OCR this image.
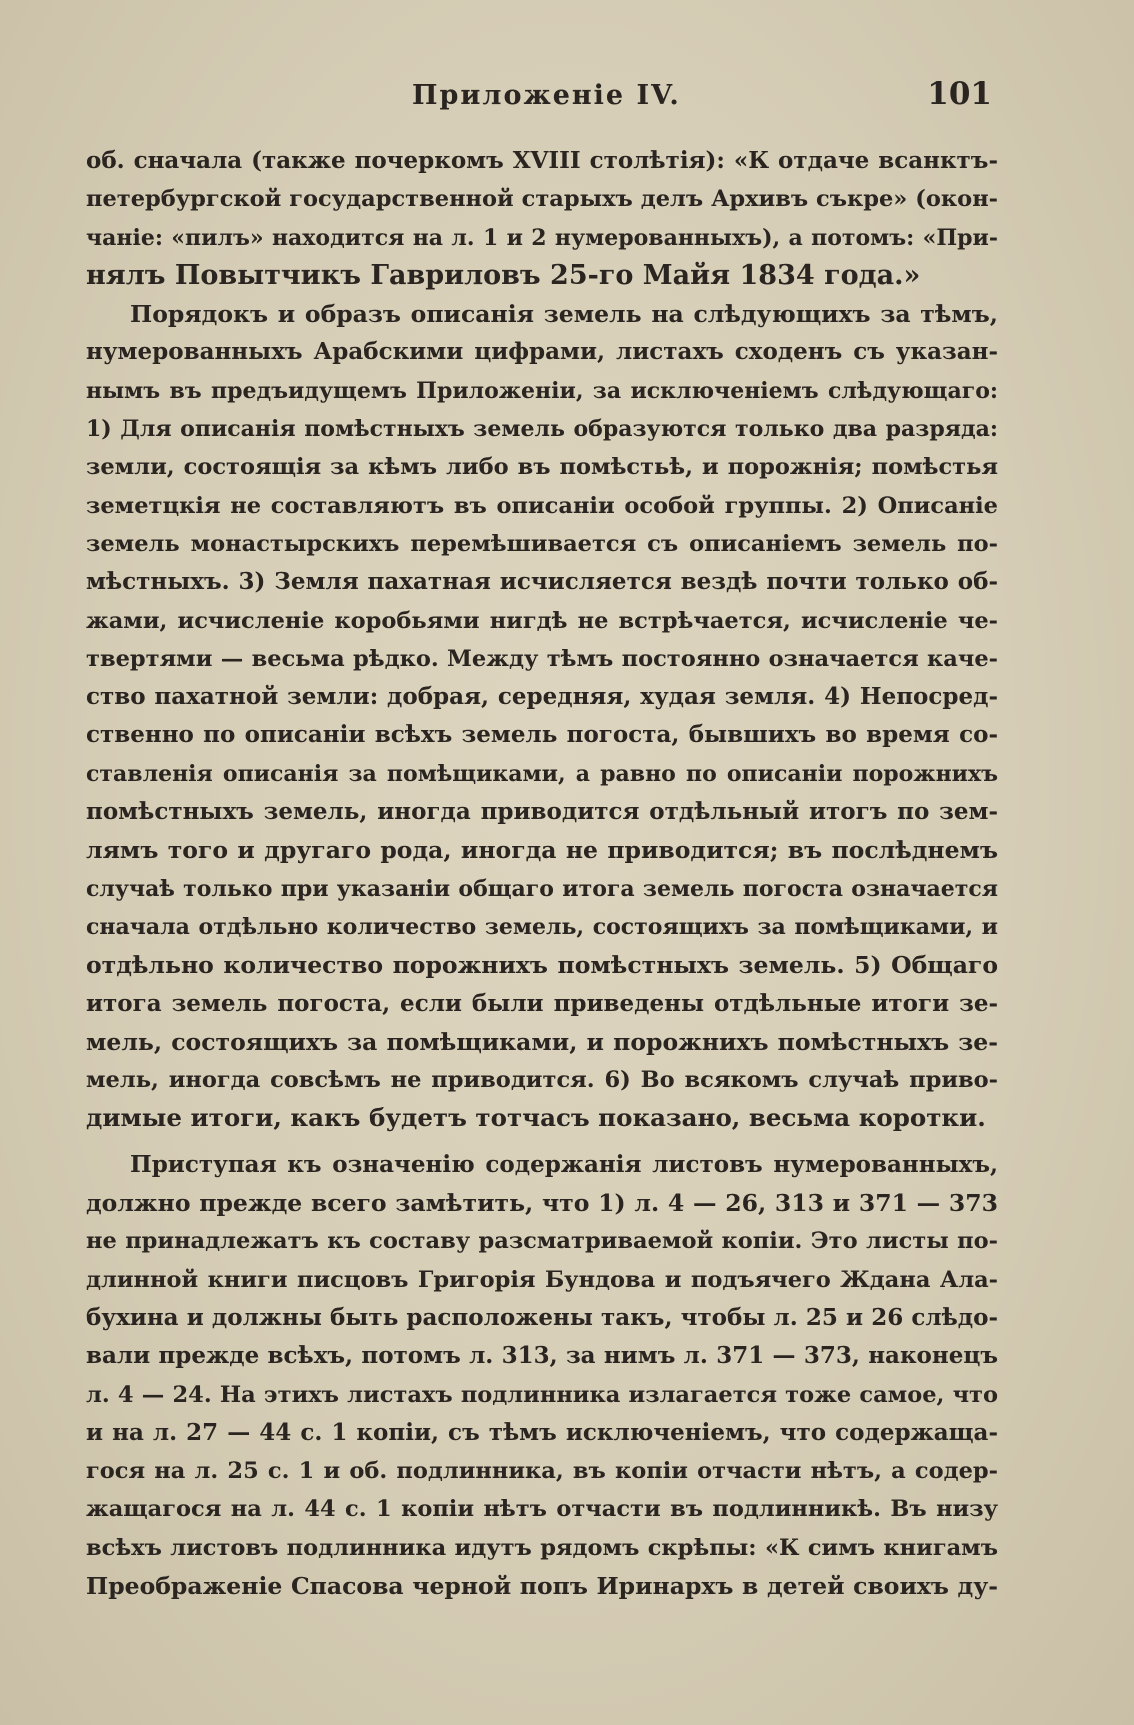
Приложеніе IV.	101
об. сначала (также почеркомъ XVIII столѣтія): «К отдаче всанктъ-
петербургской государственной старыхъ делъ Архивъ съкре» (окон-
чаніе: «пилъ» находится на л. 1 и 2 нумерованныхъ), а потомъ: «При-
нялъ Повытчикъ Гавриловъ 25-го Майя 1834 года.»
Порядокъ и образъ описанія земель на слѣдующихъ за тѣмъ,
нумерованныхъ Арабскими цифрами, листахъ сходенъ съ указан-
нымъ въ предъидущемъ Приложеніи, за исключеніемъ слѣдующаго:
1) Для описанія помѣстныхъ земель образуются только два разряда:
земли, состоящія за кѣмъ либо въ помѣстьѣ, и порожнія; помѣстья
земетцкія не составляютъ въ описаніи особой группы. 2) Описаніе
земель монастырскихъ перемѣшивается съ описаніемъ земель по-
мѣстныхъ. 3) Земля пахатная исчисляется вездѣ почти только об-
жами, исчисленіе коробьями нигдѣ не встрѣчается, исчисленіе че-
твертями — весьма рѣдко. Между тѣмъ постоянно означается каче-
ство пахатной земли: добрая, середняя, худая земля. 4) Непосред-
ственно по описаніи всѣхъ земель погоста, бывшихъ во время со-
ставленія описанія за помѣщиками, а равно по описаніи порожнихъ
помѣстныхъ земель, иногда приводится отдѣльный итогъ по зем-
лямъ того и другаго рода, иногда не приводится; въ послѣднемъ
случаѣ только при указаніи общаго итога земель погоста означается
сначала отдѣльно количество земель, состоящихъ за помѣщиками, и
отдѣльно количество порожнихъ помѣстныхъ земель. 5) Общаго
итога земель погоста, если были приведены отдѣльные итоги зе-
мель, состоящихъ за помѣщиками, и порожнихъ помѣстныхъ зе-
мель, иногда совсѣмъ не приводится. 6) Во всякомъ случаѣ приво-
димые итоги, какъ будетъ тотчасъ показано, весьма коротки.
Приступая къ означенію содержанія листовъ нумерованныхъ,
должно прежде всего замѣтить, что 1) л. 4 — 26, 313 и 371 — 373
не принадлежатъ къ составу разсматриваемой копіи. Это листы по-
длинной книги писцовъ Григорія Бундова и подъячего Ждана Ала-
бухина и должны быть расположены такъ, чтобы л. 25 и 26 слѣдо-
вали прежде всѣхъ, потомъ л. 313, за нимъ л. 371 — 373, наконецъ
л. 4 — 24. На этихъ листахъ подлинника излагается тоже самое, что
и на л. 27 — 44 с. 1 копіи, съ тѣмъ исключеніемъ, что содержаща-
гося на л. 25 с. 1 и об. подлинника, въ копіи отчасти нѣтъ, а содер-
жащагося на л. 44 с. 1 копіи нѣтъ отчасти въ подлинникѣ. Въ низу
всѣхъ листовъ подлинника идутъ рядомъ скрѣпы: «К симъ книгамъ
Преображенiе Спасова черной попъ Иринархъ в детей своихъ ду-
